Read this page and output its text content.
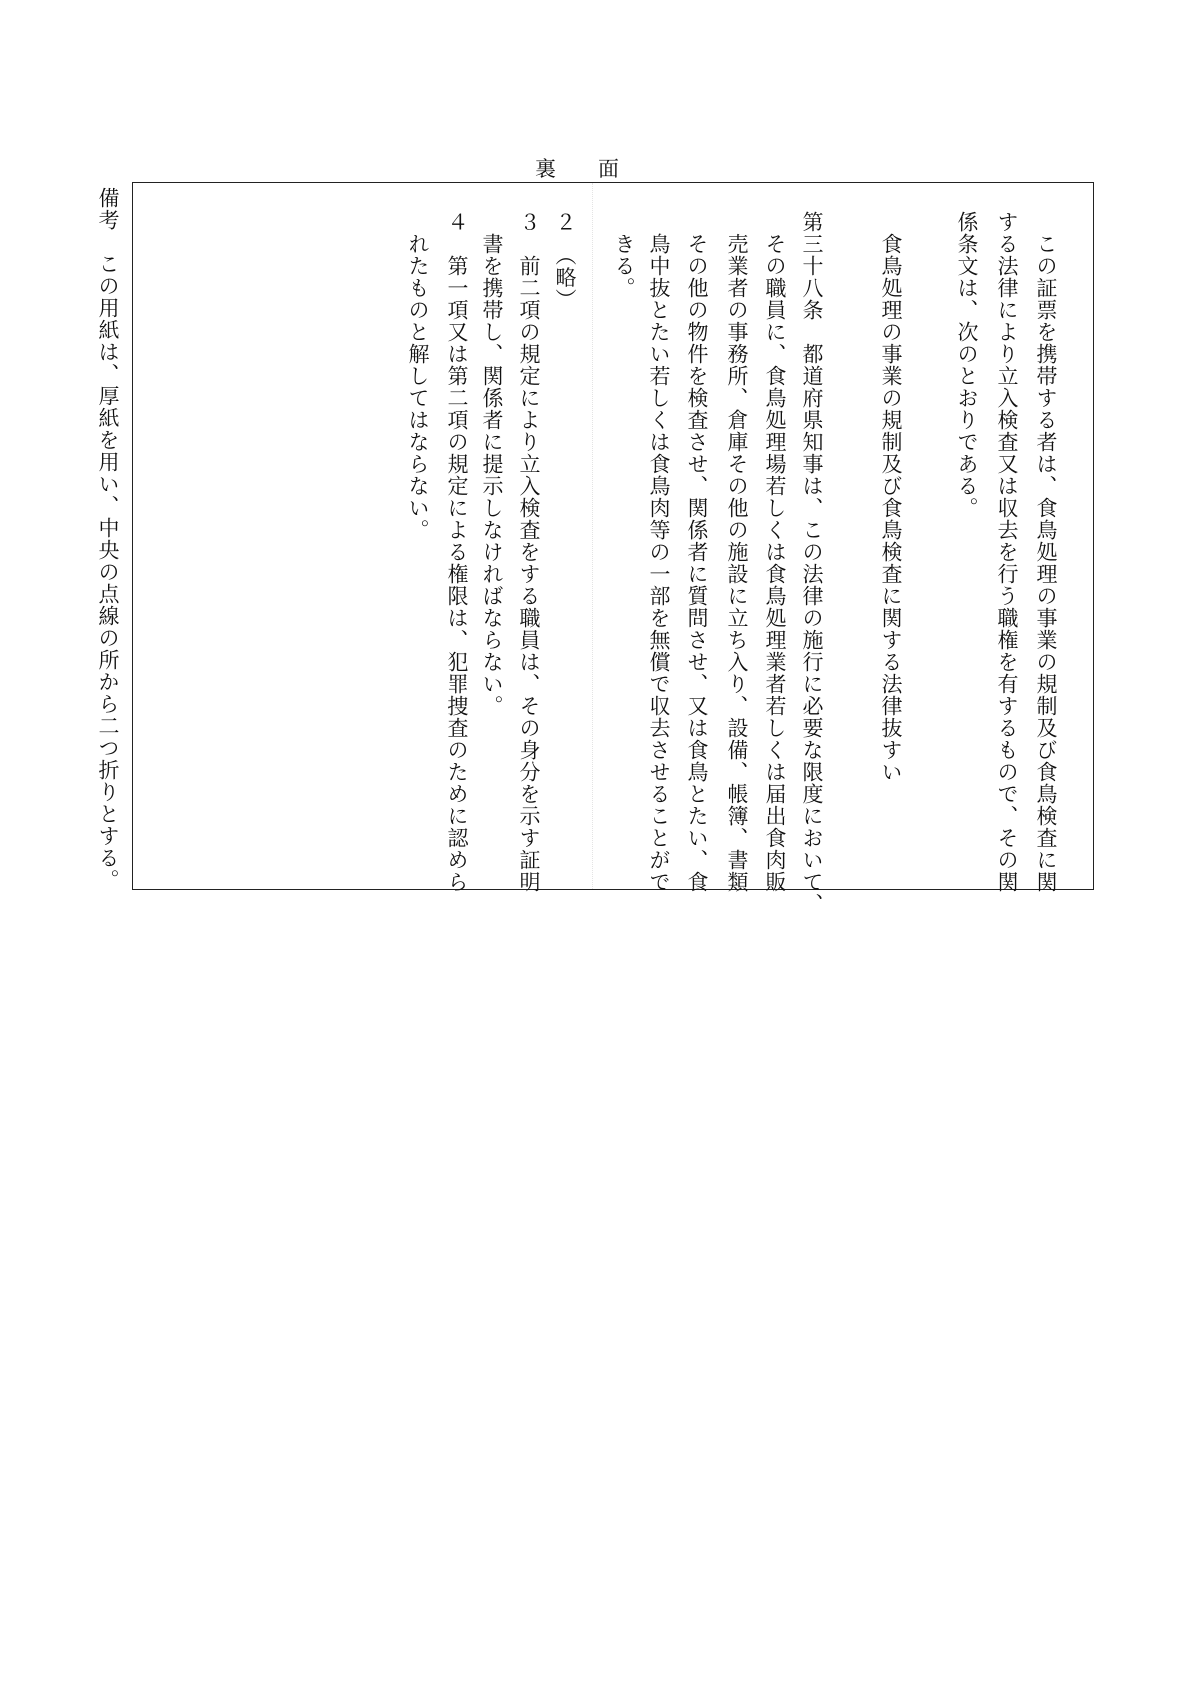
裏 面
　この証票を携帯する者は、食鳥処理の事業の規制及び食鳥検査に関
する法律により立入検査又は収去を行う職権を有するもので、その関
係条文は、次のとおりである。
　食鳥処理の事業の規制及び食鳥検査に関する法律抜すい
第三十八条　都道府県知事は、この法律の施行に必要な限度において、
　その職員に、食鳥処理場若しくは食鳥処理業者若しくは届出食肉販
　売業者の事務所、倉庫その他の施設に立ち入り、設備、帳簿、書類
　その他の物件を検査させ、関係者に質問させ、又は食鳥とたい、食
　鳥中抜とたい若しくは食鳥肉等の一部を無償で収去させることがで
　きる。
２　（略）
３　前二項の規定により立入検査をする職員は、その身分を示す証明
　書を携帯し、関係者に提示しなければならない。
４　第一項又は第二項の規定による権限は、犯罪捜査のために認めら
　れたものと解してはならない。
備考　この用紙は、厚紙を用い、中央の点線の所から二つ折りとする。
